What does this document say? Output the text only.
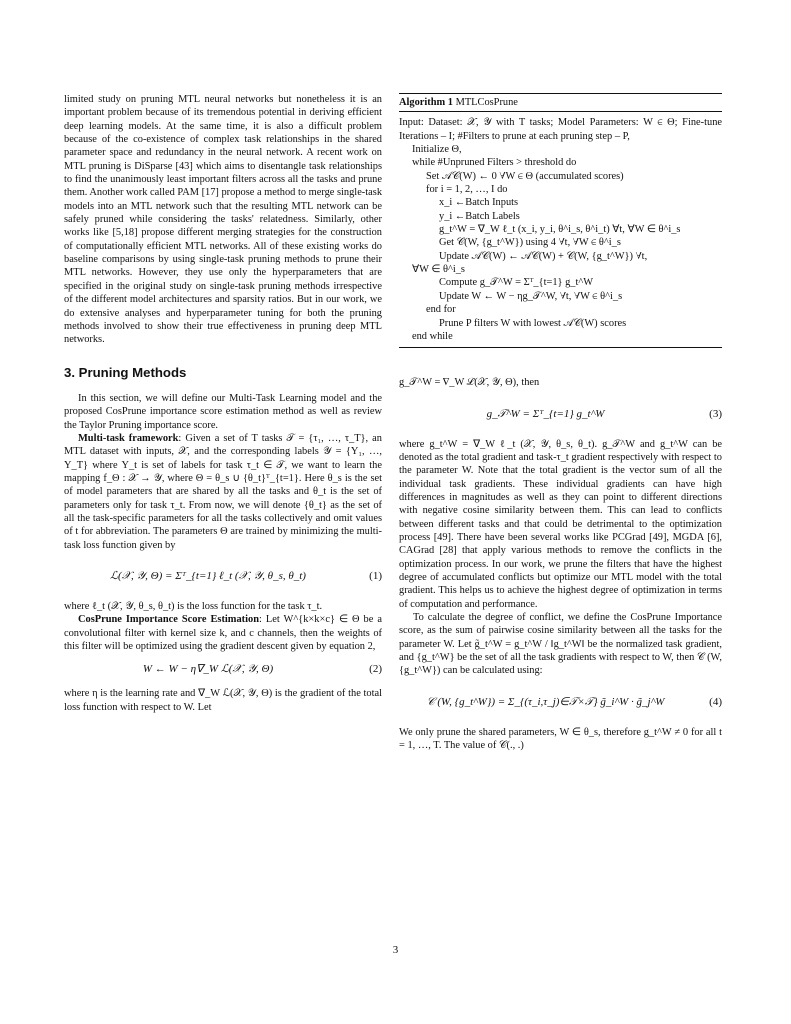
limited study on pruning MTL neural networks but nonetheless it is an important problem because of its tremendous potential in deriving efficient deep learning models. At the same time, it is also a difficult problem because of the co-existence of complex task relationships in the shared parameter space and redundancy in the neural network. A recent work on MTL pruning is DiSparse [43] which aims to disentangle task relationships to find the unanimously least important filters across all the tasks and prune them. Another work called PAM [17] propose a method to merge single-task models into an MTL network such that the resulting MTL network can be safely pruned while considering the tasks' relatedness. Similarly, other works like [5,18] propose different merging strategies for the construction of computationally efficient MTL networks. All of these existing works do baseline comparisons by using single-task pruning methods to prune their MTL networks. However, they use only the hyperparameters that are specified in the original study on single-task pruning methods irrespective of the different model architectures and sparsity ratios. But in our work, we do extensive analyses and hyperparameter tuning for both the pruning methods involved to show their true effectiveness in pruning deep MTL networks.

3. Pruning Methods

In this section, we will define our Multi-Task Learning model and the proposed CosPrune importance score estimation method as well as review the Taylor Pruning importance score.

Multi-task framework: Given a set of T tasks 𝒯 = {τ₁, …, τ_T}, an MTL dataset with inputs, 𝒳, and the corresponding labels 𝒴 = {Y₁, …, Y_T} where Y_t is set of labels for task τ_t ∈ 𝒯, we want to learn the mapping f_Θ : 𝒳 → 𝒴, where Θ = θ_s ∪ {θ_t}ᵀ_{t=1}. Here θ_s is the set of model parameters that are shared by all the tasks and θ_t is the set of parameters only for task τ_t. From now, we will denote {θ_t} as the set of all the task-specific parameters for all the tasks collectively and omit values of t for abbreviation. The parameters Θ are trained by minimizing the multi-task loss function given by

ℒ(𝒳, 𝒴, Θ) = Σᵀ_{t=1} ℓ_t (𝒳, 𝒴, θ_s, θ_t)	(1)

where ℓ_t (𝒳, 𝒴, θ_s, θ_t) is the loss function for the task τ_t.

CosPrune Importance Score Estimation: Let W^{k×k×c} ∈ Θ be a convolutional filter with kernel size k, and c channels, then the weights of this filter will be optimized using the gradient descent given by equation 2,

W ← W − η∇_W ℒ(𝒳, 𝒴, Θ)	(2)

where η is the learning rate and ∇_W ℒ(𝒳, 𝒴, Θ) is the gradient of the total loss function with respect to W. Let

Algorithm 1 MTLCosPrune
Input: Dataset: 𝒳, 𝒴 with T tasks; Model Parameters: W ∈ Θ; Fine-tune Iterations – I; #Filters to prune at each pruning step – P,
Initialize Θ,
while #Unpruned Filters > threshold do
Set 𝒜𝒞(W) ← 0 ∀W ∈ Θ (accumulated scores)
for i = 1, 2, …, I do
x_i ←Batch Inputs
y_i ←Batch Labels
g_t^W = ∇_W ℓ_t (x_i, y_i, θ^i_s, θ^i_t) ∀t, ∀W ∈ θ^i_s
Get 𝒞(W, {g_t^W}) using 4 ∀t, ∀W ∈ θ^i_s
Update 𝒜𝒞(W) ← 𝒜𝒞(W) + 𝒞(W, {g_t^W}) ∀t,
∀W ∈ θ^i_s
Compute g_𝒯^W = Σᵀ_{t=1} g_t^W
Update W ← W − ηg_𝒯^W, ∀t, ∀W ∈ θ^i_s
end for
Prune P filters W with lowest 𝒜𝒞(W) scores
end while

g_𝒯^W = ∇_W ℒ(𝒳, 𝒴, Θ), then

g_𝒯^W = Σᵀ_{t=1} g_t^W	(3)

where g_t^W = ∇_W ℓ_t (𝒳, 𝒴, θ_s, θ_t). g_𝒯^W and g_t^W can be denoted as the total gradient and task-τ_t gradient respectively with respect to the parameter W. Note that the total gradient is the vector sum of all the individual task gradients. These individual gradients can have high differences in magnitudes as well as they can point to different directions with negative cosine similarity between them. This can lead to conflicts between different tasks and that could be detrimental to the optimization process [49]. There have been several works like PCGrad [49], MGDA [6], CAGrad [28] that apply various methods to remove the conflicts in the optimization process. In our work, we prune the filters that have the highest degree of accumulated conflicts but optimize our MTL model with the total gradient. This helps us to achieve the highest degree of optimization in terms of computation and performance.

To calculate the degree of conflict, we define the CosPrune Importance score, as the sum of pairwise cosine similarity between all the tasks for the parameter W. Let g̃_t^W = g_t^W / ‖g_t^W‖ be the normalized task gradient, and {g_t^W} be the set of all the task gradients with respect to W, then 𝒞 (W, {g_t^W}) can be calculated using:

𝒞 (W, {g_t^W}) = Σ_{(τ_i,τ_j)∈𝒯×𝒯} g̃_i^W · g̃_j^W	(4)

We only prune the shared parameters, W ∈ θ_s, therefore g_t^W ≠ 0 for all t = 1, …, T. The value of 𝒞(., .)

3
